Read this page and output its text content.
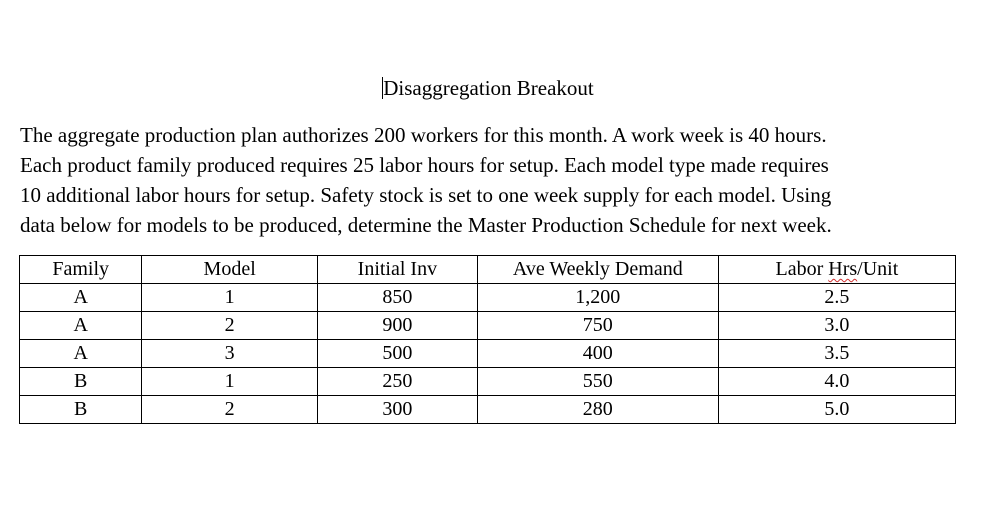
Disaggregation Breakout

The aggregate production plan authorizes 200 workers for this month. A work week is 40 hours.
Each product family produced requires 25 labor hours for setup. Each model type made requires
10 additional labor hours for setup. Safety stock is set to one week supply for each model. Using
data below for models to be produced, determine the Master Production Schedule for next week.

Family	Model	Initial Inv	Ave Weekly Demand	Labor Hrs/Unit
A	1	850	1,200	2.5
A	2	900	750	3.0
A	3	500	400	3.5
B	1	250	550	4.0
B	2	300	280	5.0
